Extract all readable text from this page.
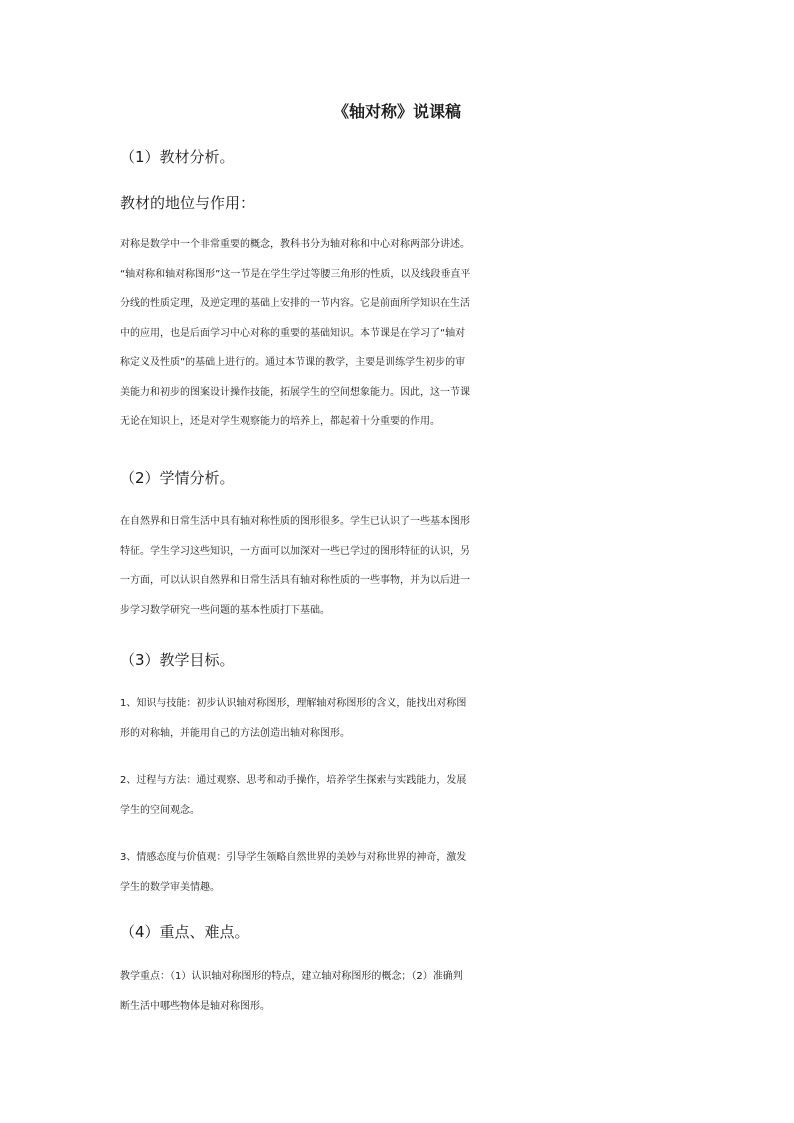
《轴对称》说课稿

（1）教材分析。

教材的地位与作用：

对称是数学中一个非常重要的概念，教科书分为轴对称和中心对称两部分讲述。
“轴对称和轴对称图形”这一节是在学生学过等腰三角形的性质，以及线段垂直平
分线的性质定理，及逆定理的基础上安排的一节内容。它是前面所学知识在生活
中的应用，也是后面学习中心对称的重要的基础知识。本节课是在学习了“轴对
称定义及性质”的基础上进行的。通过本节课的教学，主要是训练学生初步的审
美能力和初步的图案设计操作技能，拓展学生的空间想象能力。因此，这一节课
无论在知识上，还是对学生观察能力的培养上，都起着十分重要的作用。

（2）学情分析。

在自然界和日常生活中具有轴对称性质的图形很多。学生已认识了一些基本图形
特征。学生学习这些知识，一方面可以加深对一些已学过的图形特征的认识，另
一方面，可以认识自然界和日常生活具有轴对称性质的一些事物，并为以后进一
步学习数学研究一些问题的基本性质打下基础。

（3）教学目标。

1、知识与技能：初步认识轴对称图形，理解轴对称图形的含义，能找出对称图
形的对称轴，并能用自己的方法创造出轴对称图形。
2、过程与方法：通过观察、思考和动手操作，培养学生探索与实践能力，发展
学生的空间观念。
3、情感态度与价值观：引导学生领略自然世界的美妙与对称世界的神奇，激发
学生的数学审美情趣。

（4）重点、难点。

教学重点：（1）认识轴对称图形的特点，建立轴对称图形的概念；（2）准确判
断生活中哪些物体是轴对称图形。
